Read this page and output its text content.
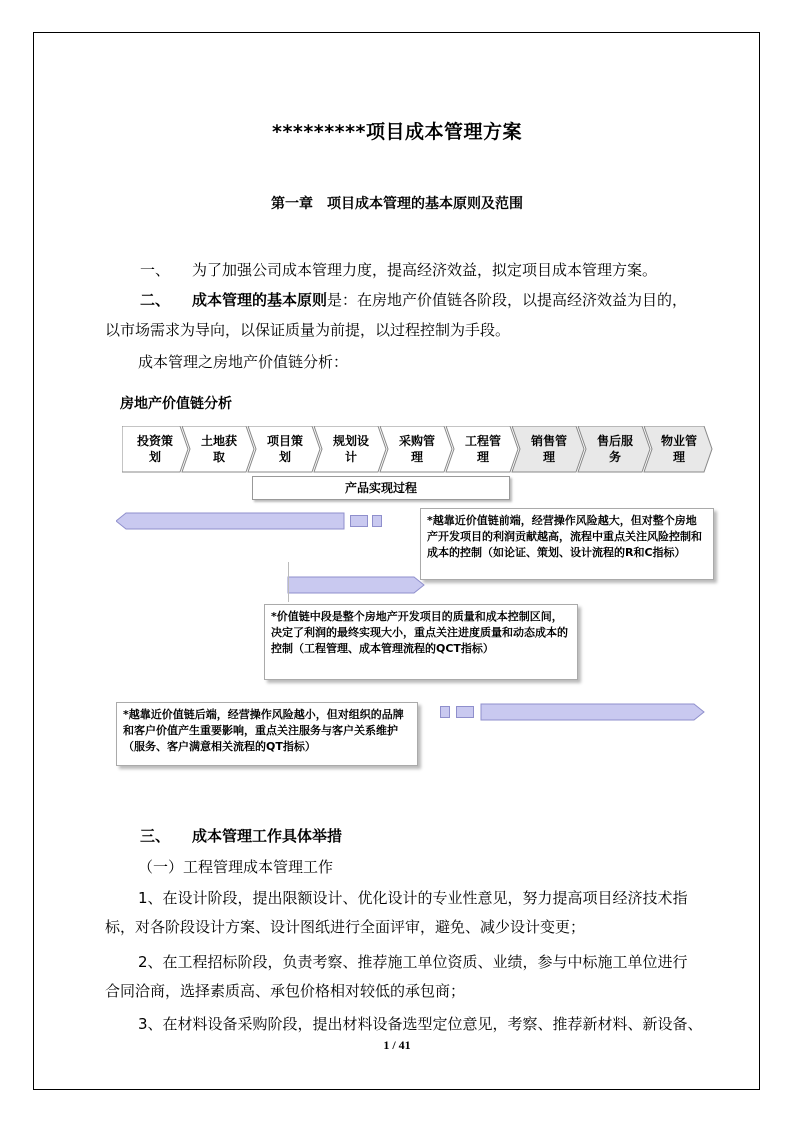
*********项目成本管理方案
第一章　项目成本管理的基本原则及范围
一、 为了加强公司成本管理力度，提高经济效益，拟定项目成本管理方案。
二、 成本管理的基本原则是：在房地产价值链各阶段，以提高经济效益为目的，
以市场需求为导向，以保证质量为前提，以过程控制为手段。
成本管理之房地产价值链分析：
房地产价值链分析
投资策划
土地获取
项目策划
规划设计
采购管理
工程管理
销售管理
售后服务
物业管理
产品实现过程
*越靠近价值链前端，经营操作风险越大，但对整个房地产开发项目的利润贡献越高，流程中重点关注风险控制和成本的控制（如论证、策划、设计流程的R和C指标）
*价值链中段是整个房地产开发项目的质量和成本控制区间，决定了利润的最终实现大小，重点关注进度质量和动态成本的控制（工程管理、成本管理流程的QCT指标）
*越靠近价值链后端，经营操作风险越小，但对组织的品牌和客户价值产生重要影响，重点关注服务与客户关系维护（服务、客户满意相关流程的QT指标）
三、 成本管理工作具体举措
（一）工程管理成本管理工作
1、在设计阶段，提出限额设计、优化设计的专业性意见，努力提高项目经济技术指
标，对各阶段设计方案、设计图纸进行全面评审，避免、减少设计变更；
2、在工程招标阶段，负责考察、推荐施工单位资质、业绩，参与中标施工单位进行
合同洽商，选择素质高、承包价格相对较低的承包商；
3、在材料设备采购阶段，提出材料设备选型定位意见，考察、推荐新材料、新设备、
1 / 41
